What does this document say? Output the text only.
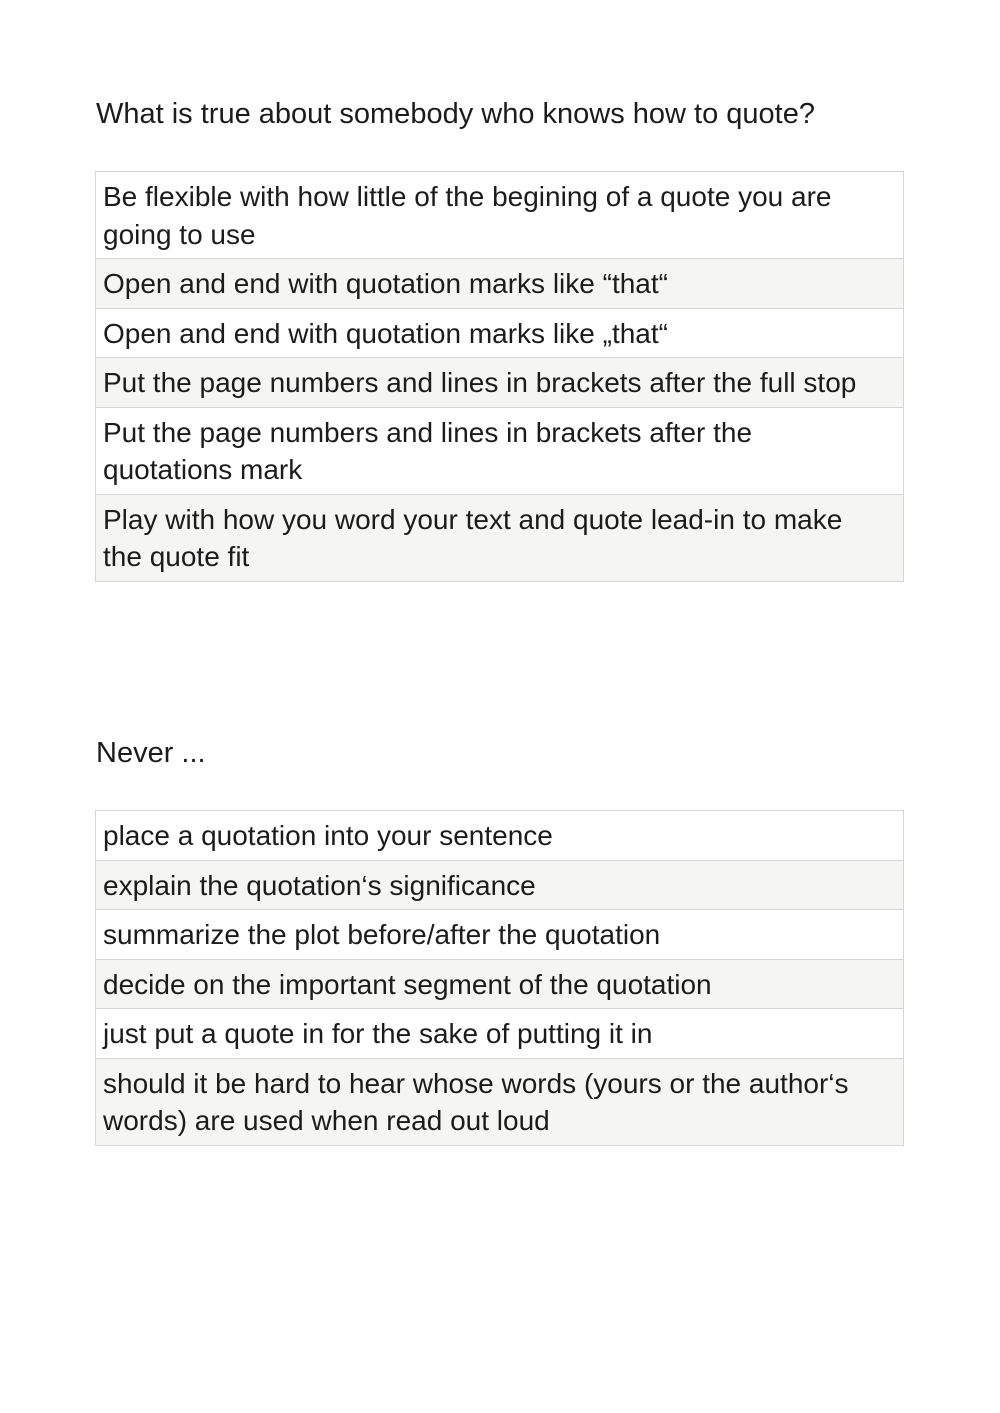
What is true about somebody who knows how to quote?

Be flexible with how little of the begining of a quote you are going to use
Open and end with quotation marks like “that“
Open and end with quotation marks like „that“
Put the page numbers and lines in brackets after the full stop
Put the page numbers and lines in brackets after the quotations mark
Play with how you word your text and quote lead-in to make the quote fit

Never ...

place a quotation into your sentence
explain the quotation‘s significance
summarize the plot before/after the quotation
decide on the important segment of the quotation
just put a quote in for the sake of putting it in
should it be hard to hear whose words (yours or the author‘s words) are used when read out loud
